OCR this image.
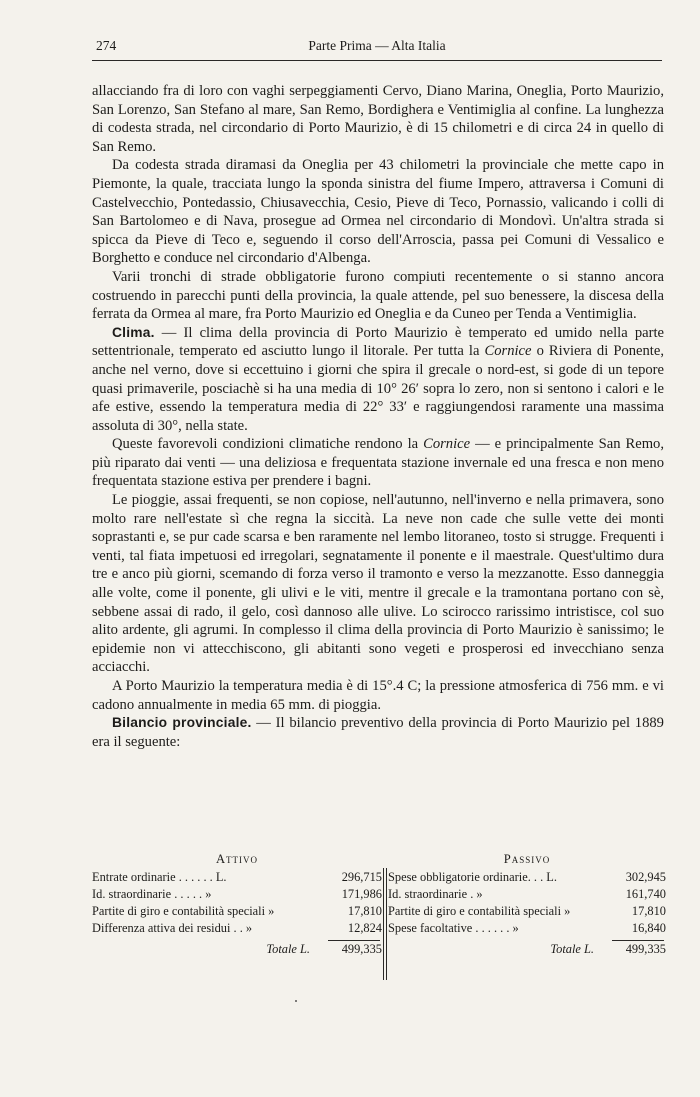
274	Parte Prima — Alta Italia

allacciando fra di loro con vaghi serpeggiamenti Cervo, Diano Marina, Oneglia, Porto Maurizio, San Lorenzo, San Stefano al mare, San Remo, Bordighera e Ventimiglia al confine. La lunghezza di codesta strada, nel circondario di Porto Maurizio, è di 15 chilometri e di circa 24 in quello di San Remo.

Da codesta strada diramasi da Oneglia per 43 chilometri la provinciale che mette capo in Piemonte, la quale, tracciata lungo la sponda sinistra del fiume Impero, attraversa i Comuni di Castelvecchio, Pontedassio, Chiusavecchia, Cesio, Pieve di Teco, Pornassio, valicando i colli di San Bartolomeo e di Nava, prosegue ad Ormea nel circondario di Mondovì. Un'altra strada si spicca da Pieve di Teco e, seguendo il corso dell'Arroscia, passa pei Comuni di Vessalico e Borghetto e conduce nel circondario d'Albenga.

Varii tronchi di strade obbligatorie furono compiuti recentemente o si stanno ancora costruendo in parecchi punti della provincia, la quale attende, pel suo benessere, la discesa della ferrata da Ormea al mare, fra Porto Maurizio ed Oneglia e da Cuneo per Tenda a Ventimiglia.

Clima. — Il clima della provincia di Porto Maurizio è temperato ed umido nella parte settentrionale, temperato ed asciutto lungo il litorale. Per tutta la Cornice o Riviera di Ponente, anche nel verno, dove si eccettuino i giorni che spira il grecale o nord-est, si gode di un tepore quasi primaverile, posciachè si ha una media di 10° 26′ sopra lo zero, non si sentono i calori e le afe estive, essendo la temperatura media di 22° 33′ e raggiungendosi raramente una massima assoluta di 30°, nella state.

Queste favorevoli condizioni climatiche rendono la Cornice — e principalmente San Remo, più riparato dai venti — una deliziosa e frequentata stazione invernale ed una fresca e non meno frequentata stazione estiva per prendere i bagni.

Le pioggie, assai frequenti, se non copiose, nell'autunno, nell'inverno e nella primavera, sono molto rare nell'estate sì che regna la siccità. La neve non cade che sulle vette dei monti soprastanti e, se pur cade scarsa e ben raramente nel lembo litoraneo, tosto si strugge. Frequenti i venti, tal fiata impetuosi ed irregolari, segnatamente il ponente e il maestrale. Quest'ultimo dura tre e anco più giorni, scemando di forza verso il tramonto e verso la mezzanotte. Esso danneggia alle volte, come il ponente, gli ulivi e le viti, mentre il grecale e la tramontana portano con sè, sebbene assai di rado, il gelo, così dannoso alle ulive. Lo scirocco rarissimo intristisce, col suo alito ardente, gli agrumi. In complesso il clima della provincia di Porto Maurizio è sanissimo; le epidemie non vi attecchiscono, gli abitanti sono vegeti e prosperosi ed invecchiano senza acciacchi.

A Porto Maurizio la temperatura media è di 15°.4 C; la pressione atmosferica di 756 mm. e vi cadono annualmente in media 65 mm. di pioggia.

Bilancio provinciale. — Il bilancio preventivo della provincia di Porto Maurizio pel 1889 era il seguente:

Attivo
Entrate ordinarie . . . . . . L.	296,715
Id. straordinarie . . . . . »	171,986
Partite di giro e contabilità speciali »	17,810
Differenza attiva dei residui . . »	12,824
Totale L.	499,335
Passivo
Spese obbligatorie ordinarie. . . L.	302,945
Id. straordinarie . »	161,740
Partite di giro e contabilità speciali »	17,810
Spese facoltative . . . . . . »	16,840
Totale L.	499,335
